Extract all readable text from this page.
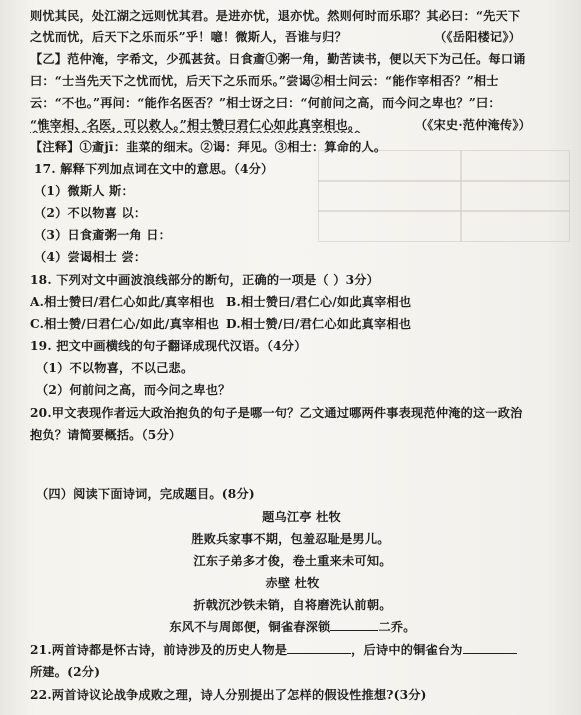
则忧其民，处江湖之远则忧其君。是进亦忧，退亦忧。然则何时而乐耶？其必曰：“先天下
之忧而忧，后天下之乐而乐”乎！噫！微斯人，吾谁与归？	（《岳阳楼记》）
【乙】范仲淹，字希文，少孤甚贫。日食齑①粥一角，勤苦读书，便以天下为己任。每口诵
曰：“士当先天下之忧而忧，后天下之乐而乐。”尝谒②相士问云：“能作宰相否？”相士
云：“不也。”再问：“能作名医否？”相士讶之曰：“何前问之高，而今问之卑也？”曰：
“惟宰相、名医，可以救人。”相士赞曰君仁心如此真宰相也。	（《宋史·范仲淹传》）
【注释】①齑jī：韭菜的细末。②谒：拜见。③相士：算命的人。
17. 解释下列加点词在文中的意思。（4分）
（1）微斯人 斯：
（2）不以物喜 以：
（3）日食齑粥一角 日：
（4）尝谒相士 尝：
18. 下列对文中画波浪线部分的断句，正确的一项是（ ）3分）
A.相士赞曰/君仁心如此/真宰相也 B.相士赞曰/君仁心/如此真宰相也
C.相士赞/曰君仁心/如此/真宰相也 D.相士赞/曰/君仁心如此真宰相也
19. 把文中画横线的句子翻译成现代汉语。（4分）
（1）不以物喜，不以己悲。
（2）何前问之高，而今问之卑也？
20.甲文表现作者远大政治抱负的句子是哪一句？乙文通过哪两件事表现范仲淹的这一政治
抱负？请简要概括。（5分）
（四）阅读下面诗词，完成题目。(8分)
题乌江亭 杜牧
胜败兵家事不期，包羞忍耻是男儿。
江东子弟多才俊，卷土重来未可知。
赤壁 杜牧
折戟沉沙铁未销，自将磨洗认前朝。
东风不与周郎便，铜雀春深锁	二乔。
21.两首诗都是怀古诗，前诗涉及的历史人物是	，后诗中的铜雀台为
所建。(2分)
22.两首诗议论战争成败之理，诗人分别提出了怎样的假设性推想?(3分)
